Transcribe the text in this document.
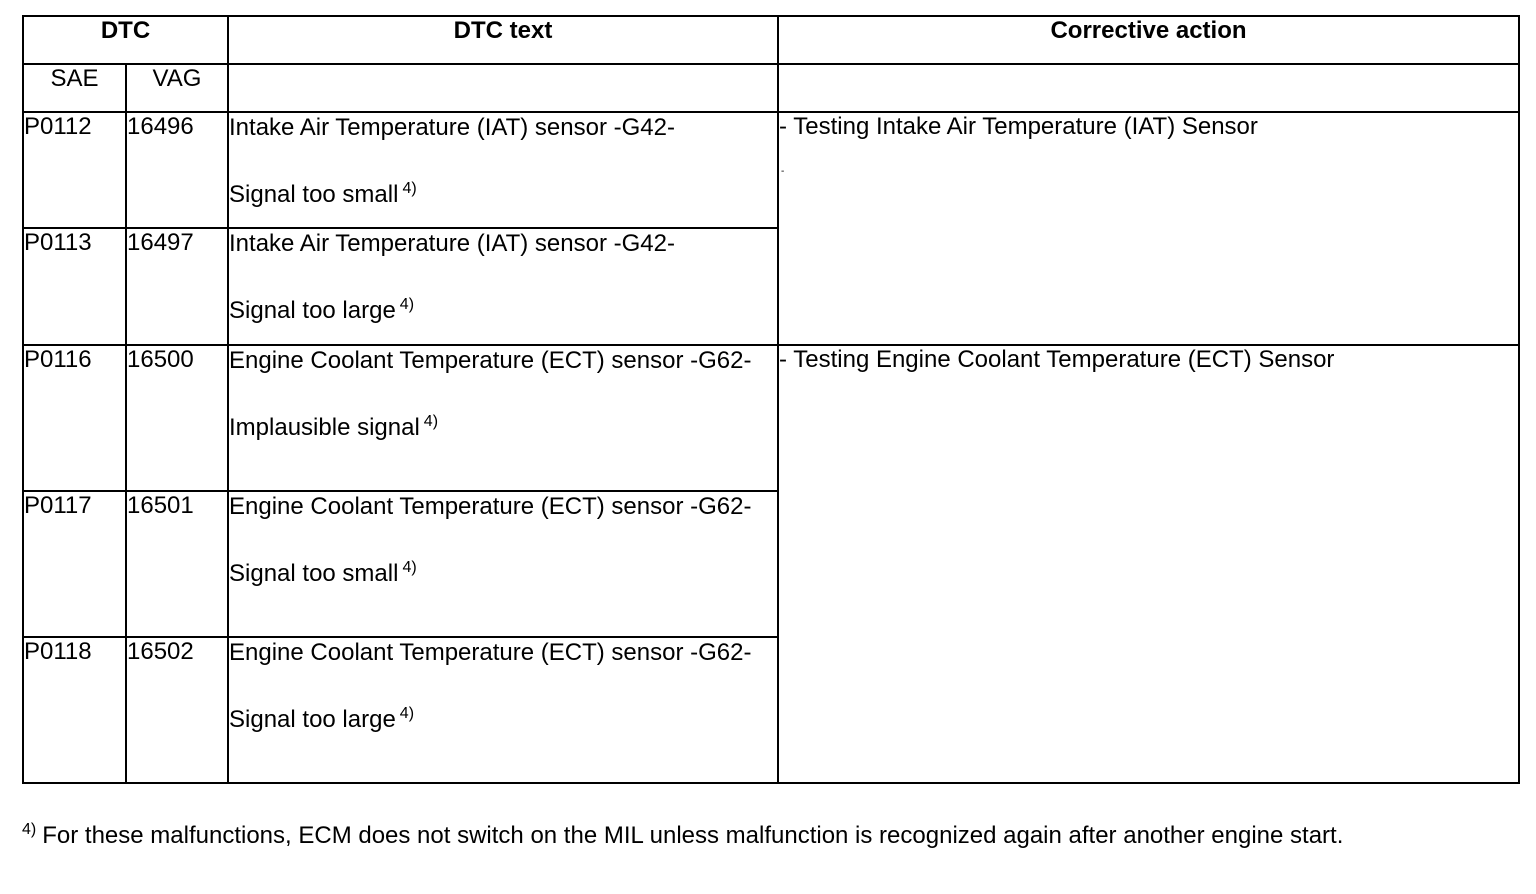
DTC		DTC text	Corrective action
SAE	VAG		
P0112	16496	Intake Air Temperature (IAT) sensor -G42-
Signal too small $^{4)}$	- Testing Intake Air Temperature (IAT) Sensor
-

P0113	16497	Intake Air Temperature (IAT) sensor -G42-
Signal too large $^{4)}$

P0116	16500	Engine Coolant Temperature (ECT) sensor -G62-
Implausible signal $^{4)}$	- Testing Engine Coolant Temperature (ECT) Sensor
P0117	16501	Engine Coolant Temperature (ECT) sensor -G62-
Signal too small $^{4)}$

P0118	16502	Engine Coolant Temperature (ECT) sensor -G62-
Signal too large $^{4)}$
$^{4)}$ For these malfunctions, ECM does not switch on the MIL unless malfunction is recognized again after another engine start.
